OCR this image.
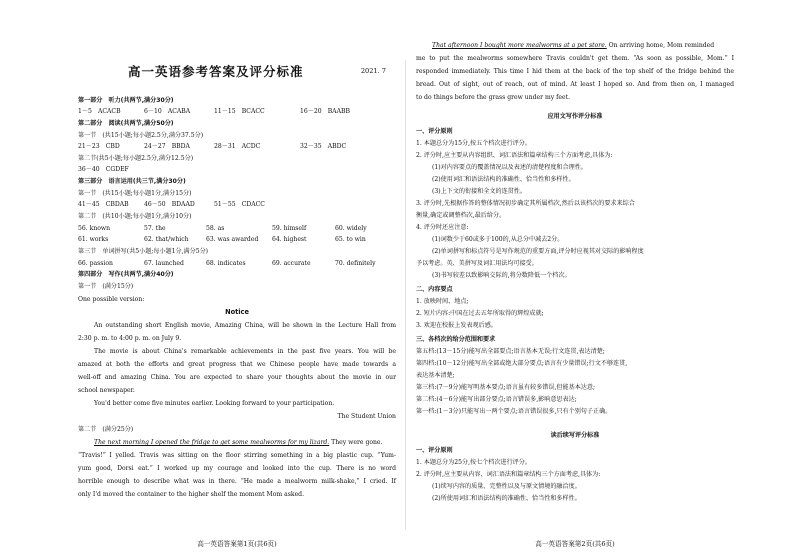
高一英语参考答案及评分标准	2021. 7
第一部分　听力(共两节,满分30分)
1－5　ACACB	6－10　ACABA	11－15　BCACC	16－20　BAABB
第二部分　阅读(共两节,满分50分)
第一节　(共15小题;每小题2.5分,满分37.5分)
21－23　CBD	24－27　BBDA	28－31　ACDC	32－35　ABDC
第二节(共5小题;每小题2.5分,满分12.5分)
36－40　CGDEF
第三部分　语言运用(共三节,满分30分)
第一节　(共15小题;每小题1分,满分15分)
41－45　CBDAB	46－50　BDAAD	51－55　CDACC
第二节　(共10小题;每小题1分,满分10分)
56. known	57. the	58. as	59. himself	60. widely
61. works	62. that/which	63. was awarded 64. highest	65. to win
第三节　单词拼写(共5小题;每小题1分,满分5分)
66. passion	67. launched	68. indicates	69. accurate	70. definitely
第四部分　写作(共两节,满分40分)
第一节　(满分15分)
One possible version:
Notice
An outstanding short English movie, Amazing China, will be shown in the Lecture Hall from
2:30 p. m. to 4:00 p. m. on July 9.
The movie is about China's remarkable achievements in the past five years. You will be
amazed at both the efforts and great progress that we Chinese people have made towards a
well-off and amazing China. You are expected to share your thoughts about the movie in our
school newspaper.
You'd better come five minutes earlier. Looking forward to your participation.
The Student Union
第二节　(满分25分)
The next morning I opened the fridge to get some mealworms for my lizard. They were gone.
“Travis!” I yelled. Travis was sitting on the floor stirring something in a big plastic cup. “Yum-
yum good, Dorsi eat.” I worked up my courage and looked into the cup. There is no word
horrible enough to describe what was in there. “He made a mealworm milk-shake,” I cried. If
only I'd moved the container to the higher shelf the moment Mom asked.
高一英语答案第1页(共6页)
That afternoon I bought more mealworms at a pet store. On arriving home, Mom reminded
me to put the mealworms somewhere Travis couldn't get them. “As soon as possible, Mom.” I
responded immediately. This time I hid them at the back of the top shelf of the fridge behind the
bread. Out of sight, out of reach, out of mind. At least I hoped so. And from then on, I managed
to do things before the grass grew under my feet.
应用文写作评分标准
一、评分原则
1. 本题总分为15分,按五个档次进行评分。
2. 评分时,应主要从内容组织、词汇语法和篇章结构三个方面考虑,具体为:
(1)对内容要点的覆盖情况以及表述的清楚程度和合理性。
(2)使用词汇和语法结构的准确性、恰当性和多样性。
(3)上下文的衔接和全文的连贯性。
3. 评分时,先根据作答的整体情况初步确定其所属档次,然后以该档次的要求来综合
衡量,确定或调整档次,最后给分。
4. 评分时还应注意:
(1)词数少于60或多于100的,从总分中减去2分。
(2)单词拼写和标点符号是写作规范的重要方面,评分时应视其对交际的影响程度
予以考虑。英、美拼写及词汇用法均可接受。
(3)书写较差以致影响交际的,将分数降低一个档次。
二、内容要点
1. 放映时间、地点;
2. 短片内容:中国在过去五年所取得的辉煌成就;
3. 欢迎在校报上发表观后感。
三、各档次的给分范围和要求
第五档:(13－15分)能写出全部要点;语言基本无误;行文连贯,表达清楚;
第四档:(10－12分)能写出全部或绝大部分要点;语言有少量错误;行文不够连贯,
表达基本清楚;
第三档:(7－9分)能写明基本要点;语言虽有较多错误,但能基本达意;
第二档:(4－6分)能写出部分要点;语言错误多,影响意思表达;
第一档:(1－3分)只能写出一两个要点;语言错误很多,只有个别句子正确。
读后续写评分标准
一、评分原则
1. 本题总分为25分,按七个档次进行评分。
2. 评分时,应主要从内容、词汇语法和篇章结构三个方面考虑,具体为:
(1)续写内容的质量、完整性以及与原文情境的融洽度。
(2)所使用词汇和语法结构的准确性、恰当性和多样性。
高一英语答案第2页(共6页)
